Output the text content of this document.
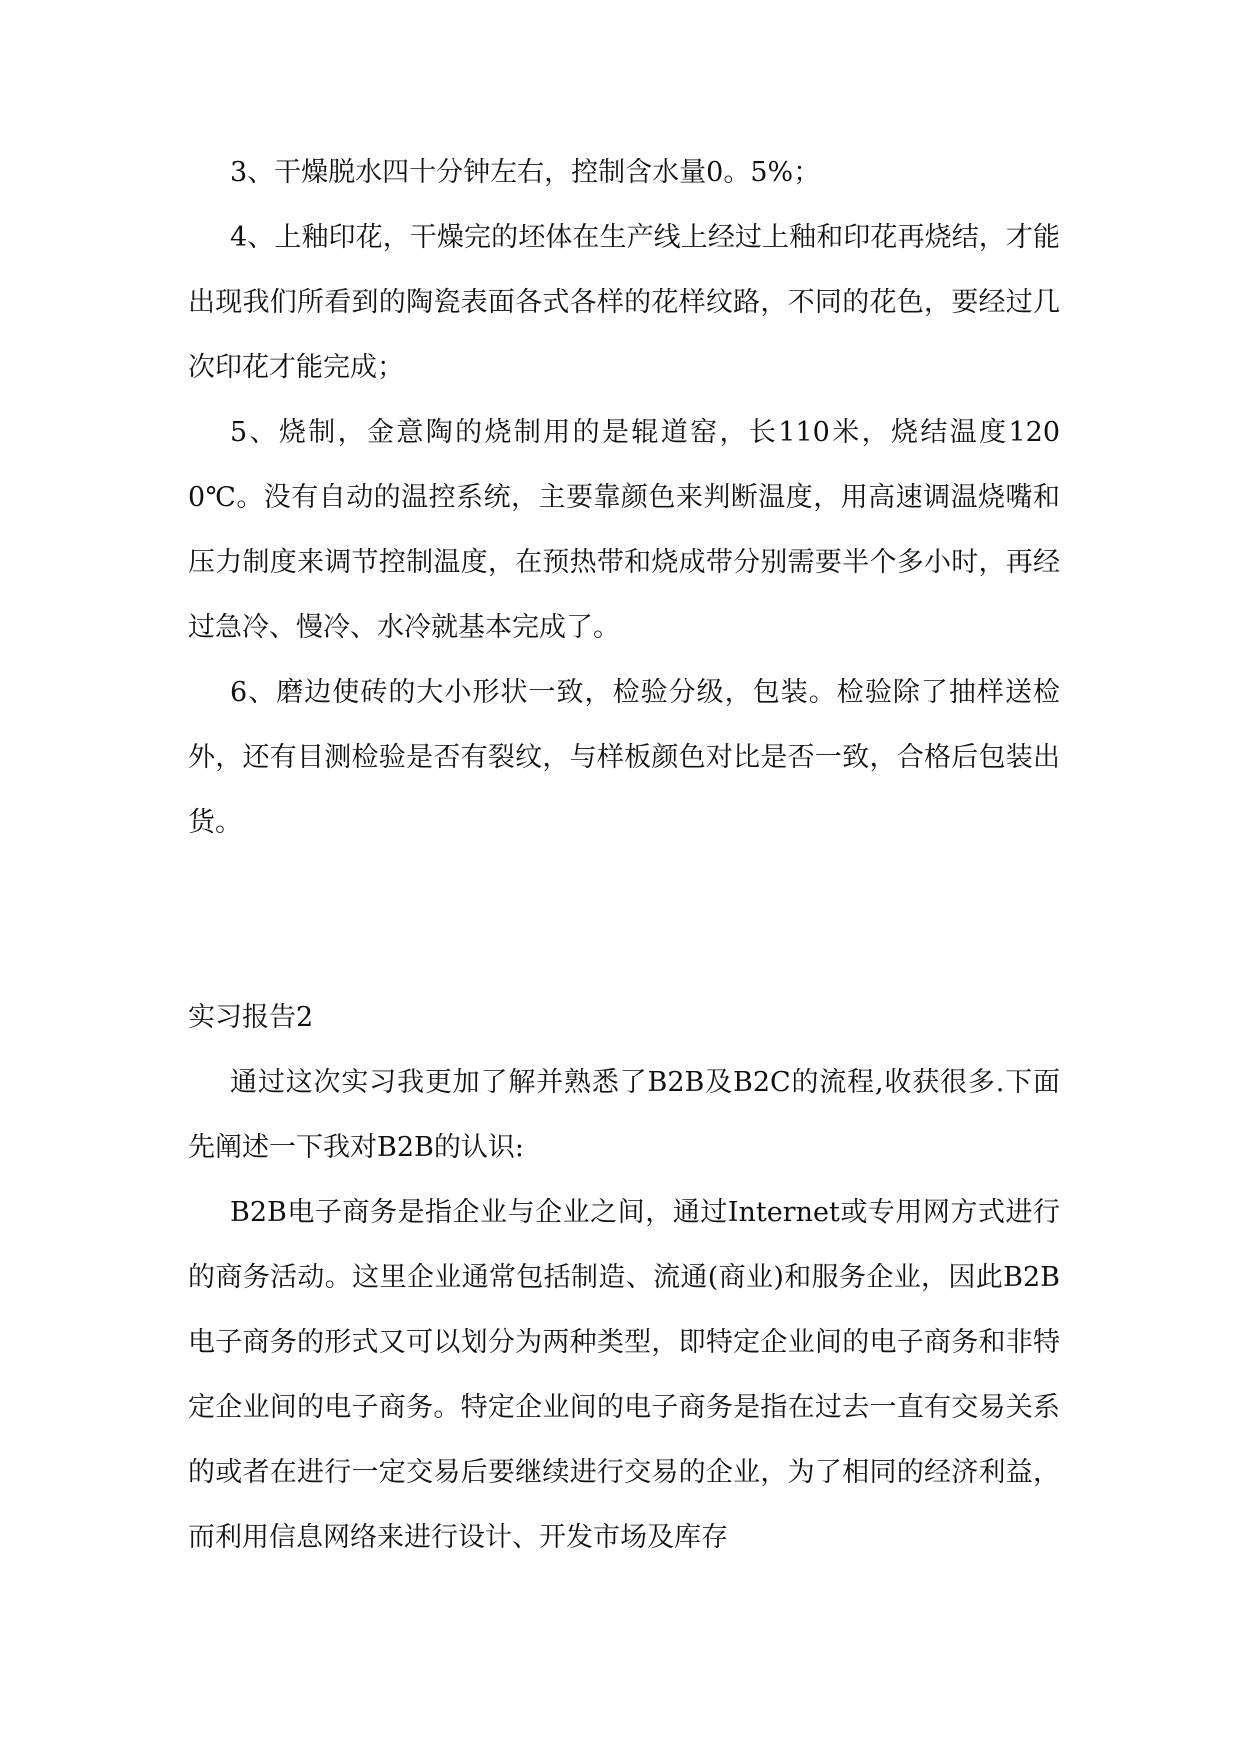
3、干燥脱水四十分钟左右，控制含水量0。5%；

4、上釉印花，干燥完的坯体在生产线上经过上釉和印花再烧结，才能出现我们所看到的陶瓷表面各式各样的花样纹路，不同的花色，要经过几次印花才能完成；

5、烧制，金意陶的烧制用的是辊道窑，长110米，烧结温度1200℃。没有自动的温控系统，主要靠颜色来判断温度，用高速调温烧嘴和压力制度来调节控制温度，在预热带和烧成带分别需要半个多小时，再经过急冷、慢冷、水冷就基本完成了。

6、磨边使砖的大小形状一致，检验分级，包装。检验除了抽样送检外，还有目测检验是否有裂纹，与样板颜色对比是否一致，合格后包装出货。

实习报告2

通过这次实习我更加了解并熟悉了B2B及B2C的流程,收获很多.下面先阐述一下我对B2B的认识:

B2B电子商务是指企业与企业之间，通过Internet或专用网方式进行的商务活动。这里企业通常包括制造、流通(商业)和服务企业，因此B2B电子商务的形式又可以划分为两种类型，即特定企业间的电子商务和非特定企业间的电子商务。特定企业间的电子商务是指在过去一直有交易关系的或者在进行一定交易后要继续进行交易的企业，为了相同的经济利益，而利用信息网络来进行设计、开发市场及库存
